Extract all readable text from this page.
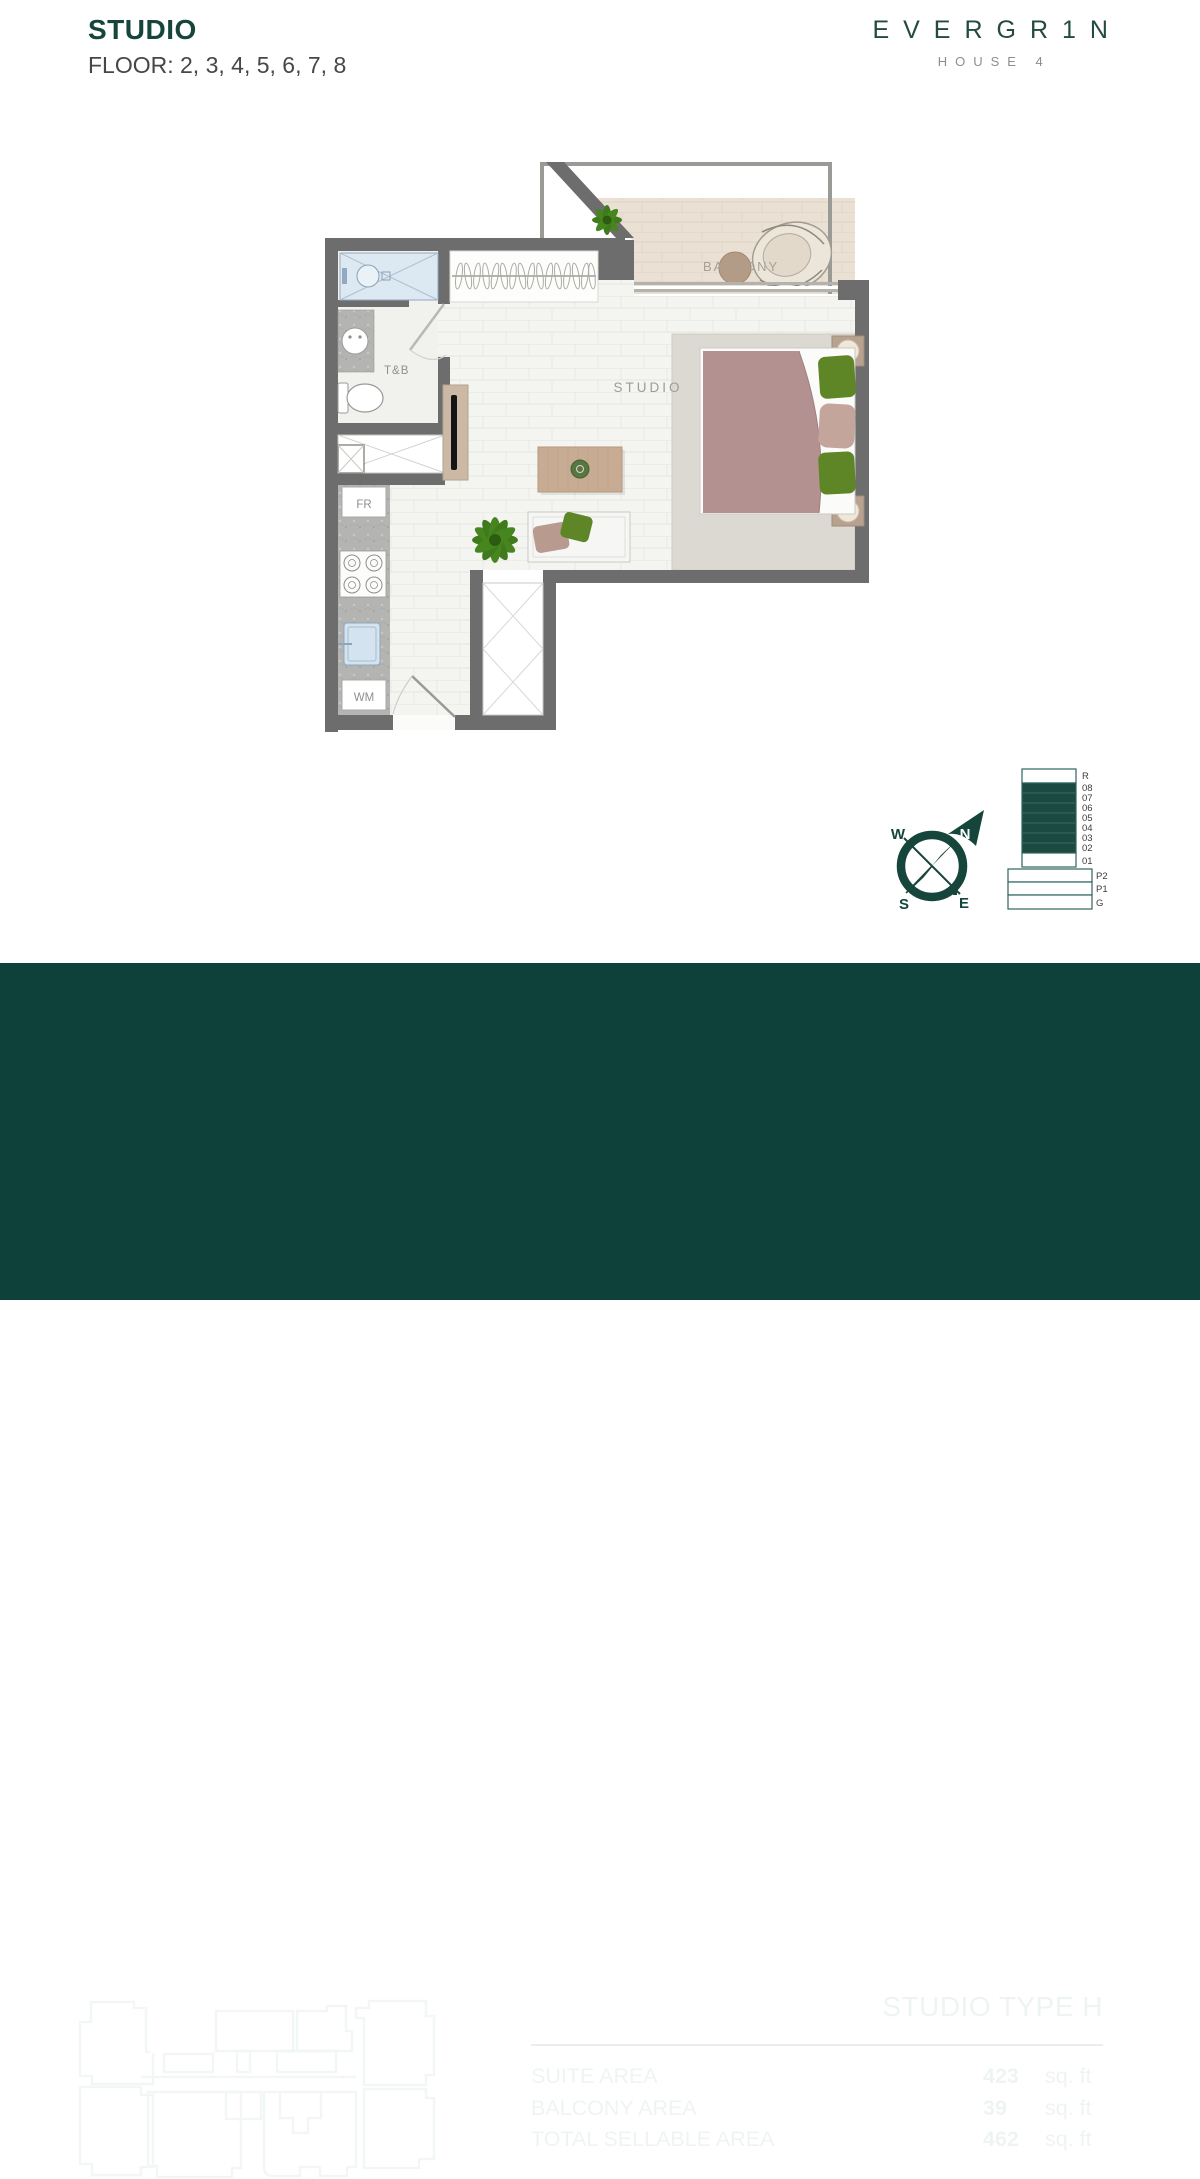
STUDIO
FLOOR: 2, 3, 4, 5, 6, 7, 8
EVERGR1N
HOUSE 4
BALCONY
T&B
FR
WM
STUDIO
N
W
S	E
R
08
07
06
05
04
03
02
01
P2
P1
G
STUDIO TYPE H
SUITE AREA	423	sq. ft
BALCONY AREA	39	sq. ft
TOTAL SELLABLE AREA	462	sq. ft
